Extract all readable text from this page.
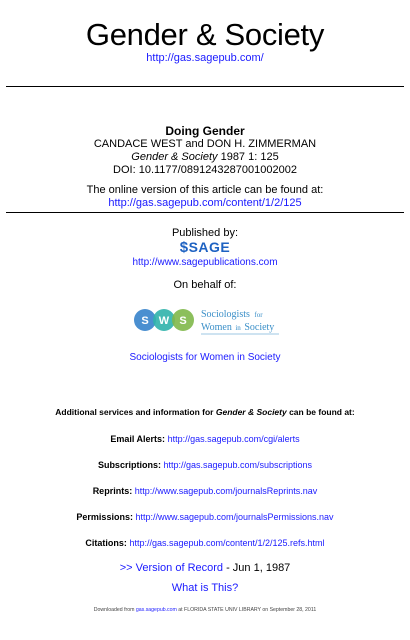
Gender & Society
http://gas.sagepub.com/
Doing Gender
CANDACE WEST and DON H. ZIMMERMAN
Gender & Society 1987 1: 125
DOI: 10.1177/0891243287001002002
The online version of this article can be found at:
http://gas.sagepub.com/content/1/2/125
Published by:
$SAGE
http://www.sagepublications.com
On behalf of:
S W S
Sociologists for
Women in Society
Sociologists for Women in Society
Additional services and information for Gender & Society can be found at:
Email Alerts: http://gas.sagepub.com/cgi/alerts
Subscriptions: http://gas.sagepub.com/subscriptions
Reprints: http://www.sagepub.com/journalsReprints.nav
Permissions: http://www.sagepub.com/journalsPermissions.nav
Citations: http://gas.sagepub.com/content/1/2/125.refs.html
>> Version of Record - Jun 1, 1987
What is This?
Downloaded from gas.sagepub.com at FLORIDA STATE UNIV LIBRARY on September 28, 2011
